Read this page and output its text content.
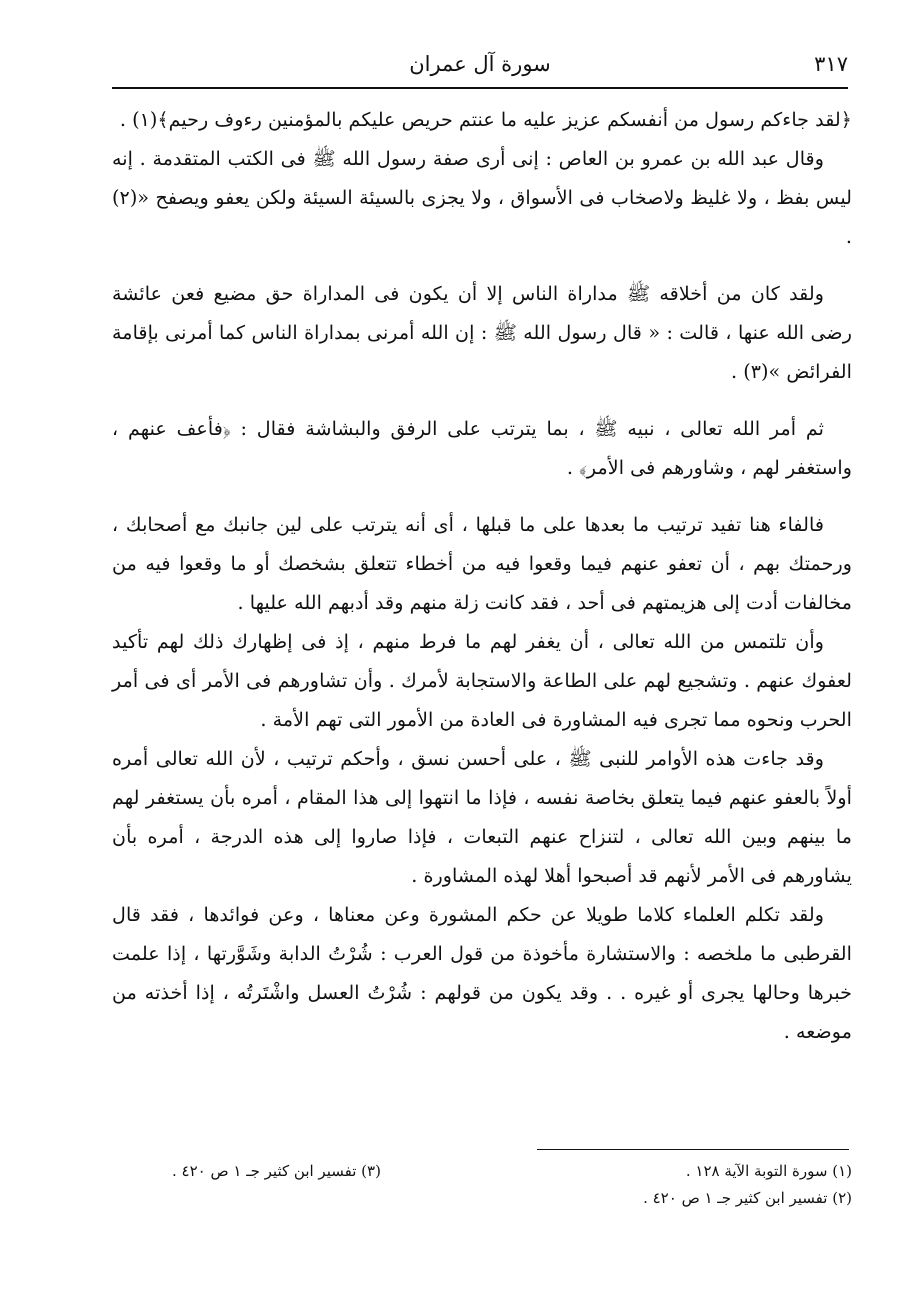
٣١٧
سورة آل عمران

﴿لقد جاءكم رسول من أنفسكم عزيز عليه ما عنتم حريص عليكم بالمؤمنين رءوف رحيم﴾(١) .

وقال عبد الله بن عمرو بن العاص : إنى أرى صفة رسول الله ﷺ فى الكتب المتقدمة . إنه ليس بفظ ، ولا غليظ ولاصخاب فى الأسواق ، ولا يجزى بالسيئة السيئة ولكن يعفو ويصفح «(٢) .

ولقد كان من أخلاقه ﷺ مداراة الناس إلا أن يكون فى المداراة حق مضيع فعن عائشة رضى الله عنها ، قالت : « قال رسول الله ﷺ : إن الله أمرنى بمداراة الناس كما أمرنى بإقامة الفرائض »(٣) .

ثم أمر الله تعالى ، نبيه ﷺ ، بما يترتب على الرفق والبشاشة فقال : ﴿فأعف عنهم ، واستغفر لهم ، وشاورهم فى الأمر﴾ .

فالفاء هنا تفيد ترتيب ما بعدها على ما قبلها ، أى أنه يترتب على لين جانبك مع أصحابك ، ورحمتك بهم ، أن تعفو عنهم فيما وقعوا فيه من أخطاء تتعلق بشخصك أو ما وقعوا فيه من مخالفات أدت إلى هزيمتهم فى أحد ، فقد كانت زلة منهم وقد أدبهم الله عليها .

وأن تلتمس من الله تعالى ، أن يغفر لهم ما فرط منهم ، إذ فى إظهارك ذلك لهم تأكيد لعفوك عنهم . وتشجيع لهم على الطاعة والاستجابة لأمرك . وأن تشاورهم فى الأمر أى فى أمر الحرب ونحوه مما تجرى فيه المشاورة فى العادة من الأمور التى تهم الأمة .

وقد جاءت هذه الأوامر للنبى ﷺ ، على أحسن نسق ، وأحكم ترتيب ، لأن الله تعالى أمره أولاً بالعفو عنهم فيما يتعلق بخاصة نفسه ، فإذا ما انتهوا إلى هذا المقام ، أمره بأن يستغفر لهم ما بينهم وبين الله تعالى ، لتنزاح عنهم التبعات ، فإذا صاروا إلى هذه الدرجة ، أمره بأن يشاورهم فى الأمر لأنهم قد أصبحوا أهلا لهذه المشاورة .

ولقد تكلم العلماء كلاما طويلا عن حكم المشورة وعن معناها ، وعن فوائدها ، فقد قال القرطبى ما ملخصه : والاستشارة مأخوذة من قول العرب : شُرْتُ الدابة وشَوَّرتها ، إذا علمت خبرها وحالها يجرى أو غيره . . وقد يكون من قولهم : شُرْتُ العسل واشْتَرتُه ، إذا أخذته من موضعه .

(١) سورة التوبة الآية ١٢٨ .
(٣) تفسير ابن كثير جـ ١ ص ٤٢٠ .
(٢) تفسير ابن كثير جـ ١ ص ٤٢٠ .
